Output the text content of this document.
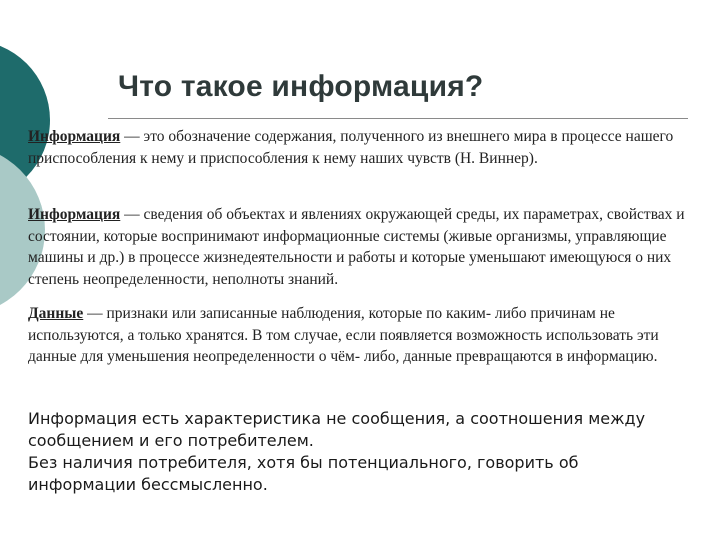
Что такое информация?

Информация — это обозначение содержания, полученного из внешнего мира в процессе нашего приспособления к нему и приспособления к нему наших чувств (Н. Виннер).

Информация — сведения об объектах и явлениях окружающей среды, их параметрах, свойствах и состоянии, которые воспринимают информационные системы (живые организмы, управляющие машины и др.) в процессе жизнедеятельности и работы и которые уменьшают имеющуюся о них степень неопределенности, неполноты знаний.

Данные — признаки или записанные наблюдения, которые по каким- либо причинам не используются, а только хранятся. В том случае, если появляется возможность использовать эти данные для уменьшения неопределенности о чём- либо, данные превращаются в информацию.

Информация есть характеристика не сообщения, а соотношения между сообщением и его потребителем.
Без наличия потребителя, хотя бы потенциального, говорить об информации бессмысленно.
